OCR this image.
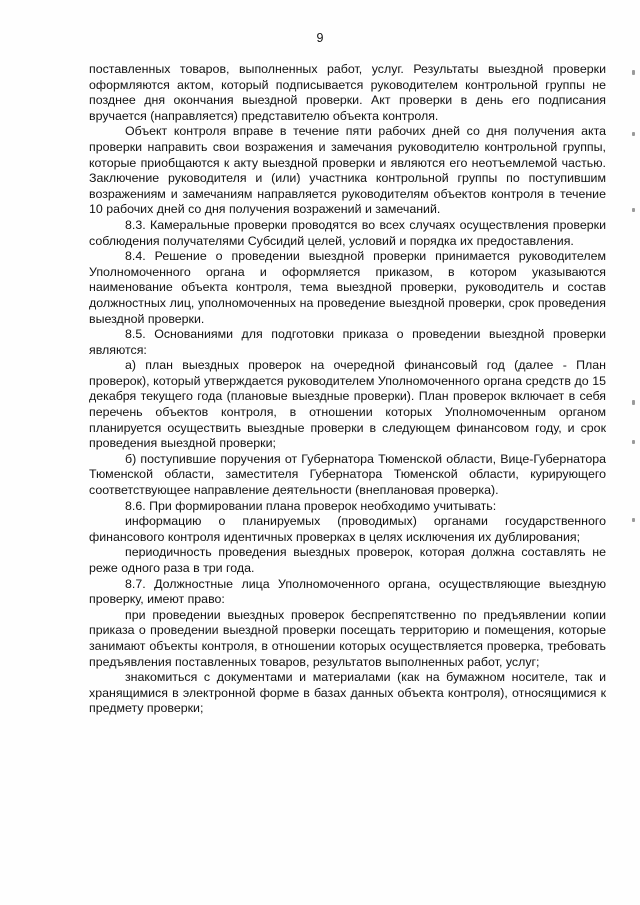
9

поставленных товаров, выполненных работ, услуг. Результаты выездной проверки оформляются актом, который подписывается руководителем контрольной группы не позднее дня окончания выездной проверки. Акт проверки в день его подписания вручается (направляется) представителю объекта контроля.

Объект контроля вправе в течение пяти рабочих дней со дня получения акта проверки направить свои возражения и замечания руководителю контрольной группы, которые приобщаются к акту выездной проверки и являются его неотъемлемой частью. Заключение руководителя и (или) участника контрольной группы по поступившим возражениям и замечаниям направляется руководителям объектов контроля в течение 10 рабочих дней со дня получения возражений и замечаний.

8.3. Камеральные проверки проводятся во всех случаях осуществления проверки соблюдения получателями Субсидий целей, условий и порядка их предоставления.

8.4. Решение о проведении выездной проверки принимается руководителем Уполномоченного органа и оформляется приказом, в котором указываются наименование объекта контроля, тема выездной проверки, руководитель и состав должностных лиц, уполномоченных на проведение выездной проверки, срок проведения выездной проверки.

8.5. Основаниями для подготовки приказа о проведении выездной проверки являются:

а) план выездных проверок на очередной финансовый год (далее - План проверок), который утверждается руководителем Уполномоченного органа средств до 15 декабря текущего года (плановые выездные проверки). План проверок включает в себя перечень объектов контроля, в отношении которых Уполномоченным органом планируется осуществить выездные проверки в следующем финансовом году, и срок проведения выездной проверки;

б) поступившие поручения от Губернатора Тюменской области, Вице-Губернатора Тюменской области, заместителя Губернатора Тюменской области, курирующего соответствующее направление деятельности (внеплановая проверка).

8.6. При формировании плана проверок необходимо учитывать:

информацию о планируемых (проводимых) органами государственного финансового контроля идентичных проверках в целях исключения их дублирования;

периодичность проведения выездных проверок, которая должна составлять не реже одного раза в три года.

8.7. Должностные лица Уполномоченного органа, осуществляющие выездную проверку, имеют право:

при проведении выездных проверок беспрепятственно по предъявлении копии приказа о проведении выездной проверки посещать территорию и помещения, которые занимают объекты контроля, в отношении которых осуществляется проверка, требовать предъявления поставленных товаров, результатов выполненных работ, услуг;

знакомиться с документами и материалами (как на бумажном носителе, так и хранящимися в электронной форме в базах данных объекта контроля), относящимися к предмету проверки;
